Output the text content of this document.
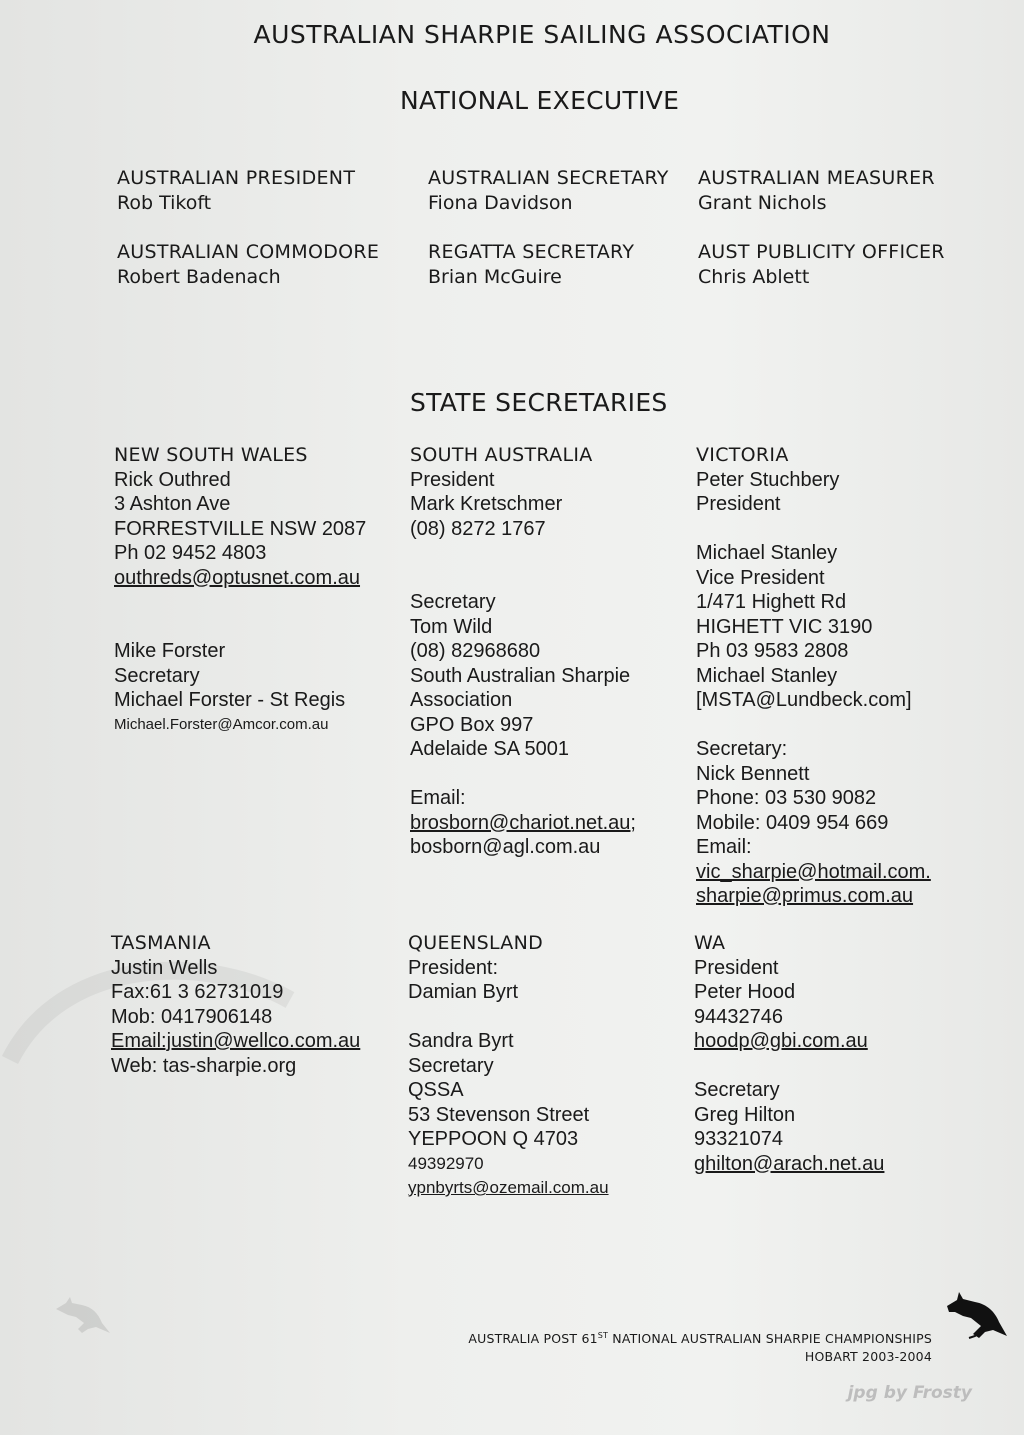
AUSTRALIAN SHARPIE SAILING ASSOCIATION
NATIONAL EXECUTIVE
AUSTRALIAN PRESIDENT
Rob Tikoft
AUSTRALIAN SECRETARY
Fiona Davidson
AUSTRALIAN MEASURER
Grant Nichols
AUSTRALIAN COMMODORE
Robert Badenach
REGATTA SECRETARY
Brian McGuire
AUST PUBLICITY OFFICER
Chris Ablett
STATE SECRETARIES
NEW SOUTH WALES
Rick Outhred
3 Ashton Ave
FORRESTVILLE NSW 2087
Ph 02 9452 4803
outhreds@optusnet.com.au
Mike Forster
Secretary
Michael Forster - St Regis
Michael.Forster@Amcor.com.au
SOUTH AUSTRALIA
President
Mark Kretschmer
(08) 8272 1767
Secretary
Tom Wild
(08) 82968680
South Australian Sharpie
Association
GPO Box 997
Adelaide SA 5001
Email:
brosborn@chariot.net.au;
bosborn@agl.com.au
VICTORIA
Peter Stuchbery
President
Michael Stanley
Vice President
1/471 Highett Rd
HIGHETT VIC 3190
Ph 03 9583 2808
Michael Stanley
[MSTA@Lundbeck.com]
Secretary:
Nick Bennett
Phone: 03 530 9082
Mobile: 0409 954 669
Email:
vic_sharpie@hotmail.com.
sharpie@primus.com.au
TASMANIA
Justin Wells
Fax:61 3 62731019
Mob: 0417906148
Email:justin@wellco.com.au
Web: tas-sharpie.org
QUEENSLAND
President:
Damian Byrt
Sandra Byrt
Secretary
QSSA
53 Stevenson Street
YEPPOON Q 4703
49392970
ypnbyrts@ozemail.com.au
WA
President
Peter Hood
94432746
hoodp@gbi.com.au
Secretary
Greg Hilton
93321074
ghilton@arach.net.au
AUSTRALIA POST 61ST NATIONAL AUSTRALIAN SHARPIE CHAMPIONSHIPS
HOBART 2003-2004
jpg by Frosty
